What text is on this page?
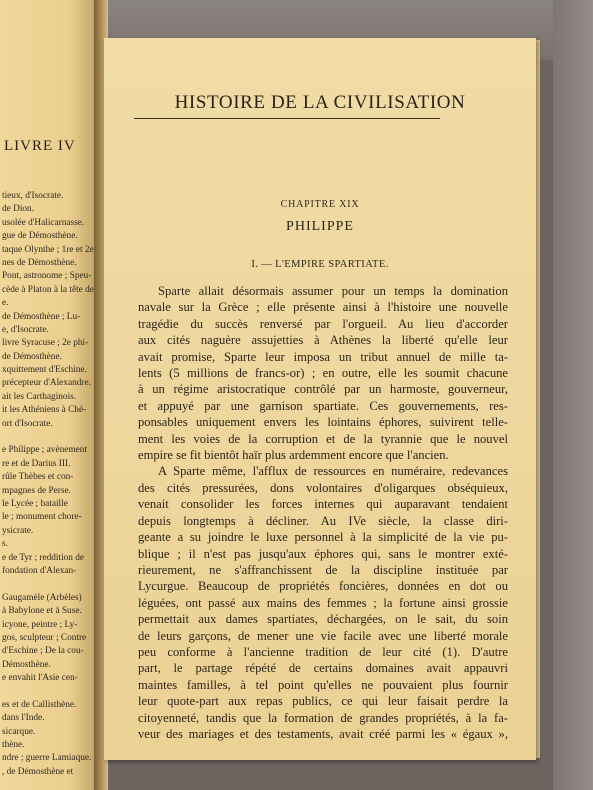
LIVRE IV
tieux, d'Isocrate.
de Dion.
usolée d'Halicarnasse.
gue de Démosthène.
taque Olynthe ; 1re et 2e
nes de Démosthène.
Pont, astronome ; Speu-
cède à Platon à la tête de
e.
de Démosthène ; Lu-
e, d'Isocrate.
livre Syracuse ; 2e phi-
de Démosthène.
xquittement d'Eschine.
précepteur d'Alexandre.
ait les Carthaginois.
it les Athéniens à Ché-
ort d'Isocrate.
e Philippe ; avènement
re et de Darius III.
rûle Thèbes et con-
mpagnes de Perse.
le Lycée ; bataille
le ; monument chore-
ysicrate.
s.
e de Tyr ; reddition de
fondation d'Alexan-
Gaugamèle (Arbèles)
à Babylone et à Suse.
icyone, peintre ; Ly-
gos, sculpteur ; Contre
d'Eschine ; De la cou-
Démosthène.
e envahit l'Asie cen-
es et de Callisthène.
dans l'Inde.
sicarque.
thène.
ndre ; guerre Lamiaque.
, de Démosthène et
HISTOIRE DE LA CIVILISATION
CHAPITRE XIX
PHILIPPE
I. — L'EMPIRE SPARTIATE.
Sparte allait désormais assumer pour un temps la domination
navale sur la Grèce ; elle présente ainsi à l'histoire une nouvelle
tragédie du succès renversé par l'orgueil. Au lieu d'accorder
aux cités naguère assujetties à Athènes la liberté qu'elle leur
avait promise, Sparte leur imposa un tribut annuel de mille ta-
lents (5 millions de francs-or) ; en outre, elle les soumit chacune
à un régime aristocratique contrôlé par un harmoste, gouverneur,
et appuyé par une garnison spartiate. Ces gouvernements, res-
ponsables uniquement envers les lointains éphores, suivirent telle-
ment les voies de la corruption et de la tyrannie que le nouvel
empire se fit bientôt haïr plus ardemment encore que l'ancien.
A Sparte même, l'afflux de ressources en numéraire, redevances
des cités pressurées, dons volontaires d'oligarques obséquieux,
venait consolider les forces internes qui auparavant tendaient
depuis longtemps à décliner. Au IVe siècle, la classe diri-
geante a su joindre le luxe personnel à la simplicité de la vie pu-
blique ; il n'est pas jusqu'aux éphores qui, sans le montrer exté-
rieurement, ne s'affranchissent de la discipline instituée par
Lycurgue. Beaucoup de propriétés foncières, données en dot ou
léguées, ont passé aux mains des femmes ; la fortune ainsi grossie
permettait aux dames spartiates, déchargées, on le sait, du soin
de leurs garçons, de mener une vie facile avec une liberté morale
peu conforme à l'ancienne tradition de leur cité (1). D'autre
part, le partage répété de certains domaines avait appauvri
maintes familles, à tel point qu'elles ne pouvaient plus fournir
leur quote-part aux repas publics, ce qui leur faisait perdre la
citoyenneté, tandis que la formation de grandes propriétés, à la fa-
veur des mariages et des testaments, avait créé parmi les « égaux »,
